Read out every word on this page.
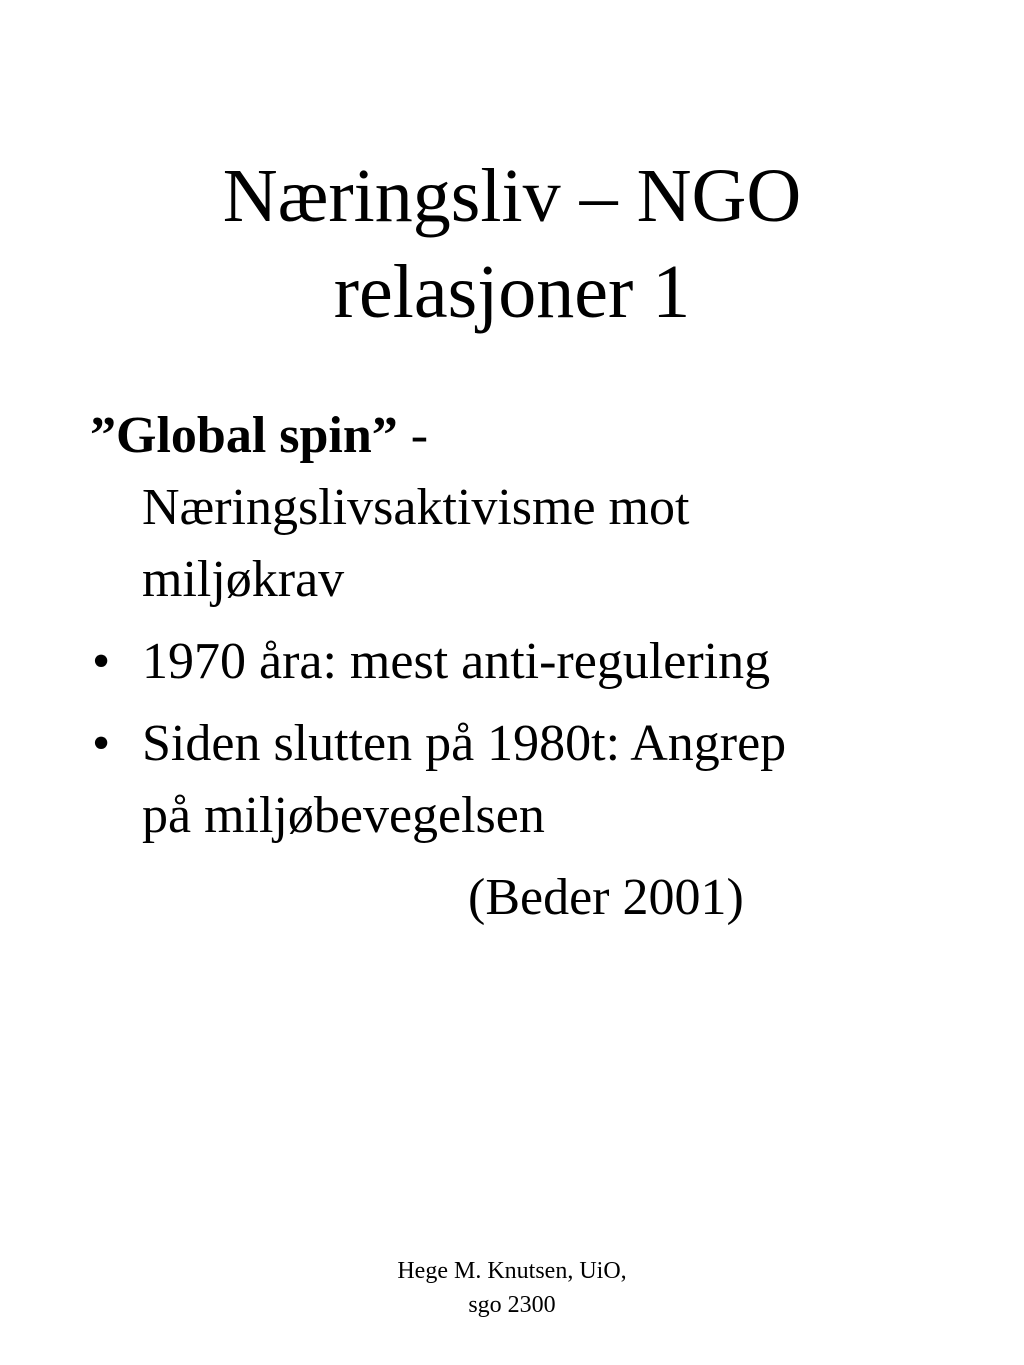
Næringsliv – NGO
relasjoner 1

”Global spin” -
Næringslivsaktivisme mot
miljøkrav

• 1970 åra: mest anti-regulering
• Siden slutten på 1980t: Angrep
på miljøbevegelsen

(Beder 2001)

Hege M. Knutsen, UiO,
sgo 2300
